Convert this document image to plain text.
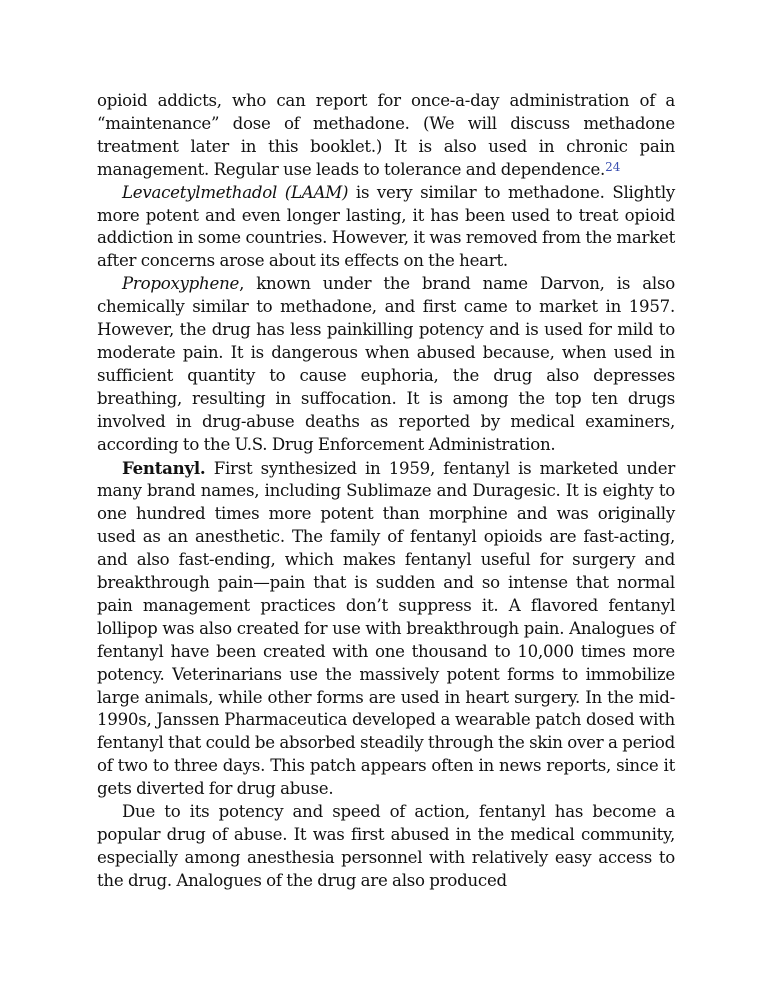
opioid addicts, who can report for once-a-day administration of a “maintenance” dose of methadone. (We will discuss methadone treatment later in this booklet.) It is also used in chronic pain management. Regular use leads to tolerance and dependence.$^{24}$

Levacetylmethadol (LAAM) is very similar to methadone. Slightly more potent and even longer lasting, it has been used to treat opioid addiction in some countries. However, it was removed from the market after concerns arose about its effects on the heart.

Propoxyphene, known under the brand name Darvon, is also chemically similar to methadone, and first came to market in 1957. However, the drug has less painkilling potency and is used for mild to moderate pain. It is dangerous when abused because, when used in sufficient quantity to cause euphoria, the drug also depresses breathing, resulting in suffocation. It is among the top ten drugs involved in drug-abuse deaths as reported by medical examiners, according to the U.S. Drug Enforcement Administration.

Fentanyl. First synthesized in 1959, fentanyl is marketed under many brand names, including Sublimaze and Duragesic. It is eighty to one hundred times more potent than morphine and was originally used as an anesthetic. The family of fentanyl opioids are fast-acting, and also fast-ending, which makes fentanyl useful for surgery and breakthrough pain—pain that is sudden and so intense that normal pain management practices don’t suppress it. A flavored fentanyl lollipop was also created for use with breakthrough pain. Analogues of fentanyl have been created with one thousand to 10,000 times more potency. Veterinarians use the massively potent forms to immobilize large animals, while other forms are used in heart surgery. In the mid-1990s, Janssen Pharmaceutica developed a wearable patch dosed with fentanyl that could be absorbed steadily through the skin over a period of two to three days. This patch appears often in news reports, since it gets diverted for drug abuse.

Due to its potency and speed of action, fentanyl has become a popular drug of abuse. It was first abused in the medical community, especially among anesthesia personnel with relatively easy access to the drug. Analogues of the drug are also produced
